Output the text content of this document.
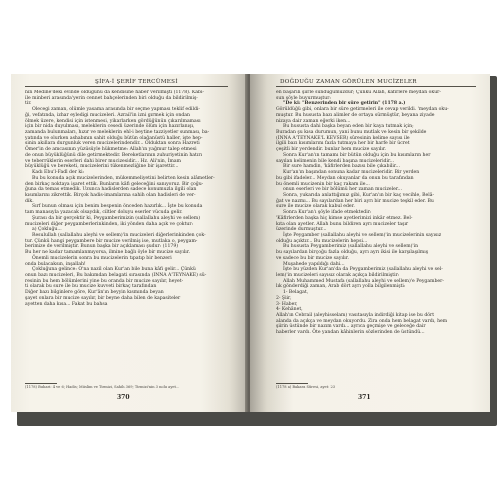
ŞİFA-İ ŞERİF TERCÜMESİ
nin Medine'deki evinde olduğunu da kendisine haber verilmişti (1178). Kabi-
ile minberi arasında'yerin cennet bahçelerinden biri olduğu da bildirilmiş-
tir.
Olecegi zaman, olümle yasama arasında bir seçme yapması teklif edildi-
ği, vefatında, izhar eyledigi mucizeleri. Azrail'in izni gırmek için ondan
ölmek üzere, kendisi için istenmesi, yikarlarken gördüğünün çıkarılmaması
için bir nida duyulması, meleklerin cesedi üzerinde ölüm için hazırlanışı,
zamanda bulunmaları, hızır ve meleklerin ehl-i beytine tazziyetler sunması, ba-
yatında ve olurken ashabının sahit olduğu bütün olağanüstü haller, işte hep-
sinin akıllara durgunluk veren mucizelerindendir... Olduktan sonra Hazreti
Ömer'in de amcasının yüzüsüyle hükmetme: Allah'ın yağmur talep etmesi
de onun büyüklüğünü dile getirmektedir. Bereketlarının zuhuriyetinin hatırı
ve teberrüklerin eserleri dahi birer mucizesidir... Hz. Ali'nin, İmam
büyüklüğü ve bereketi, mucizelerini tükenmezliğine bir işarettir...
Kadı Ebu'l-Fadl der ki:
Bu bu konuda açık mucizelerinden, mükemmeliyetini belirten kesin alâmetler-
den birkaç noktaya işaret ettik. Bunların kâfi geleceğini sanıyoruz. Bir çoğu-
ğuna da temas etmedik. Uzunca hadislerden sadece konumuzla ilgili olan
kısımlarını zikrettik. Birçok hadis-imamlarına sahih olan hadisleri de ver-
dik.
Sırf bunun olması için benim bespenin önceden hazırlık... İşte bu konuda
tam manasıyla yazacak olsaydık, ciltler doluyu eserler vücuda gelir.
Şurası da bir gerçektir ki, Peygamberimizin (sallallahu aleyhi ve sellem)
mucizeleri diğer peygamberlerinkinden, iki yönden daha açık ve çoktur:
a) Çokluğu...
Resulullah (sallallahu aleyhi ve sellem)'in mucizeleri diğerlerinkinden çok-
tur. Çünkü hangi peygambere bir mucize verilmiş ise, mutlaka o, peygam-
berimize de verilmiştir. Bunun başka bir açıklaması şudur: (1179)
Bu her ne kadar tamamlanmıyorsa, ilmine bağlı öyle bir mucize sayılır.
Önemli mucizelerin sonra bu mucizelerin tıpatıp bir benzeri
onda bulacaksın, inşallah!
Çokluğuna gelince: O'na nazil olan Kur'an bile buna kâfi gelir... Çünkü
onun bazı mucizeleri, Bu bakımdan belagati sırasında (INNA A'TEYNAKE) sû-
resinin bu hem bölümlerini yine bu oranda bir mucize sayılır, heyet-
ti olarak bu sure ile bu mucize kuvveti birkaç tarafından
Diğer bazı bilginlere göre, Kur'ân'ın beyyin kısmında beyan
şayet onlara bir mucize sayılır, bir beyne daha bilen de kapasiteler
ayetten daha kısa... Fakat bu bahsa
(1178) Buhari: 4 ve 6; Hadis; Müslim ve Tirmizi, Sahih 369; Tirmizi'nin 3 nolu ayet...
370
DOĞDUĞU ZAMAN GÖRÜLEN MUCİZELER
en başarılı şiirle sunduğumuzdur; Çünkü Allah, kâfirlere meydan okur-
sun şöyle buyurmuştur:
"De ki: "Benzerinden bir süre getirin" (1178 a.)
Görüldüğü gibi, onlara bir süre getirmeleri ile cevap verildi. 'meydan oku-
muştur. Bu hususta bazı alimler de ortaya sürmüştür, beyana ziyade
nizaya dair zaman eğerki iken...
Bu hususta dahi başka beyan eden bir kaya tutmak için;
Buradan şu kısa durumun, yani bunu mutlak ve kesin bir şekilde
(INNA A'TEYNAKE'L KEVSER) sûresinin kelime sayısı ile
ilgili bazı kısımlarını fazla tutmaya her bir harfe bir ücret
çeşitli bir yerdendir. bunlar hem mucize sayılır.
Sonra Kur'an'ın tamamı bir bütün olduğu için bu kısımların her
sayılan kelimenin bile kendi başına mucizeleridir...
Bir sure hamdin, 'kâfirlerden bazısı bile çıkabilir...
Kur'an'ın başından sonuna kadar mucizeleridir. Bir yerden
bu gibi ifadeler... Meydan okuyanlar da onun bu tarafından
bu önemli mucizenin bir kaç rakam ile...
onun eserleri ve bir bölümü her zaman mucizeler...
Sonra, yukarıda anlattığımız gibi, Kur'an'ın bir kaç vecihle, Belâ-
ğat ve nazmı... Bu sayılardan her biri ayrı bir mucize teşkil eder. Bu
sure ile mucize olarak kabul eder.
Sonra Kur'an'ı şöyle ifade etmektedir:
'Kâfirlerden başka hiç kimse ayetlerimizi inkâr etmez. Bel-
kıta olan ayetler. Allah bunu bildiren ayrı mucizeler taşır
üzerinde durmuştur...
İşte Peygamber (sallallahu aleyhi ve sellem)'in mucizelerinin sayısız
olduğu açıktır... Bu mucizelerin hepsi...
Bu hususta Peygamberimiz (sallallahu aleyhi ve sellem)'in
bu sayılardan birçoğu fazla olduğu, ayrı ayrı ikisi ile karşılaşılmış
ve sadece bu bir mucize sayılır.
Muşahede yapıldığı dahi...
İşte bu yüzden Kur'an'da da Peygamberimiz (sallallahu aleyhi ve sel-
lem)'in mucizeleri sayısız olarak açıkça bildirilmiştir:
Allah Muhammed Mustafa (sallallahu aleyhi ve sellem)'e Peygamber-
lık gönderdiği zaman, Arab dört ayrı yolla bilgilenmişti:
1- Belagat,
2- Şiir,
3- Haber,
4- Kehânet,
Allah'ın Cebrail (aleyhisselam) vasıtasıyla indirdiği kitap ise bu dört
alanda da açıkça ve meydan okuyordu. Zira onda hem belagat vardı, hem
şiirin üstünde bir nazım vardı... ayrıca geçmişe ve geleceğe dair
haberler vardı. Öte yandan kâhinlerin sözlerinden de üstündü...
(1178 a) Bakara Sûresi, ayet: 23
371
